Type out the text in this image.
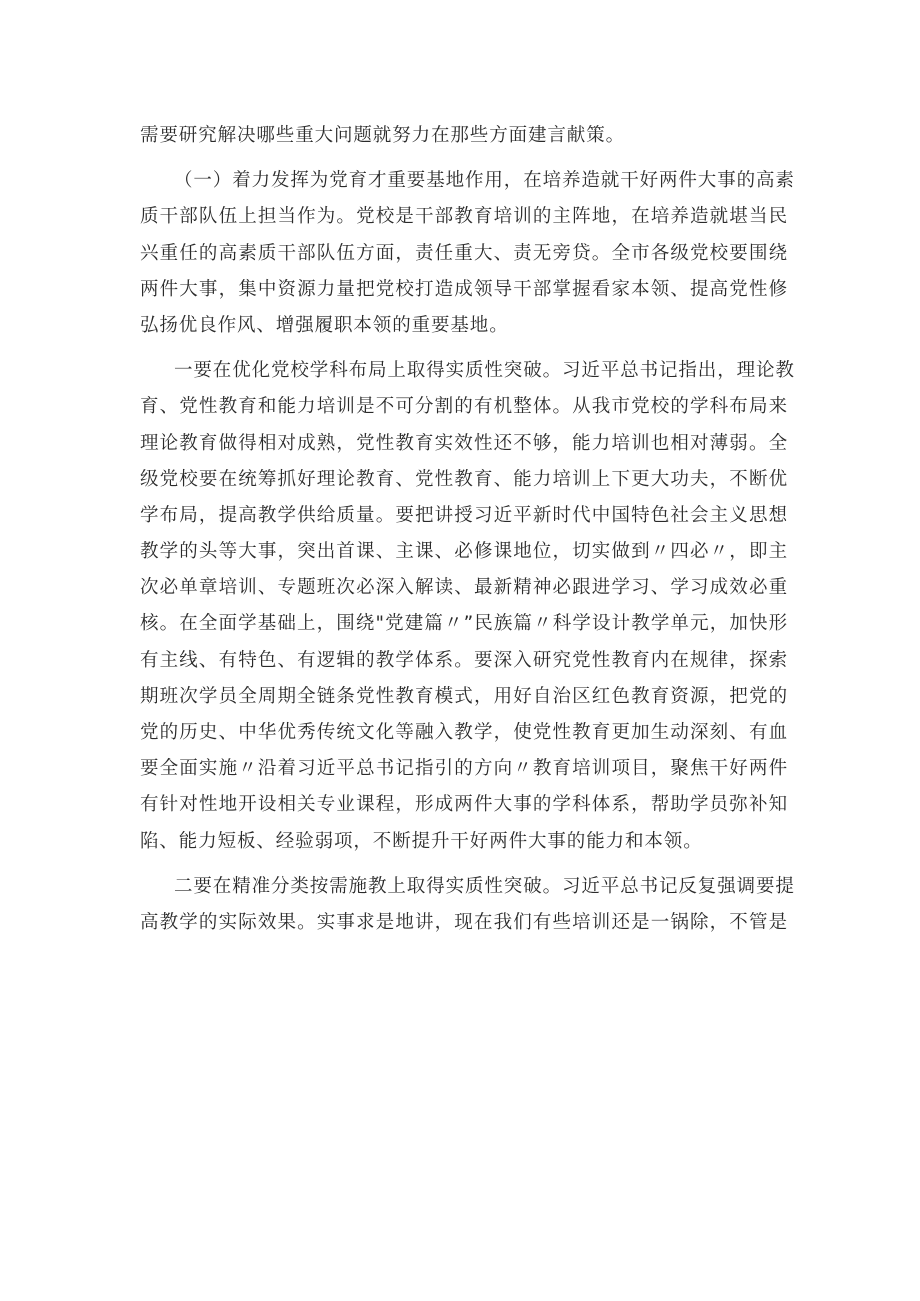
需要研究解决哪些重大问题就努力在那些方面建言献策。
（一）着力发挥为党育才重要基地作用，在培养造就干好两件大事的高素
质干部队伍上担当作为。党校是干部教育培训的主阵地，在培养造就堪当民
兴重任的高素质干部队伍方面，责任重大、责无旁贷。全市各级党校要围绕
两件大事，集中资源力量把党校打造成领导干部掌握看家本领、提高党性修
弘扬优良作风、增强履职本领的重要基地。
一要在优化党校学科布局上取得实质性突破。习近平总书记指出，理论教
育、党性教育和能力培训是不可分割的有机整体。从我市党校的学科布局来
理论教育做得相对成熟，党性教育实效性还不够，能力培训也相对薄弱。全
级党校要在统筹抓好理论教育、党性教育、能力培训上下更大功夫，不断优
学布局，提高教学供给质量。要把讲授习近平新时代中国特色社会主义思想
教学的头等大事，突出首课、主课、必修课地位，切实做到〃四必〃，即主
次必单章培训、专题班次必深入解读、最新精神必跟进学习、学习成效必重
核。在全面学基础上，围绕"党建篇〃”民族篇〃科学设计教学单元，加快形
有主线、有特色、有逻辑的教学体系。要深入研究党性教育内在规律，探索
期班次学员全周期全链条党性教育模式，用好自治区红色教育资源，把党的
党的历史、中华优秀传统文化等融入教学，使党性教育更加生动深刻、有血
要全面实施〃沿着习近平总书记指引的方向〃教育培训项目，聚焦干好两件
有针对性地开设相关专业课程，形成两件大事的学科体系，帮助学员弥补知
陷、能力短板、经验弱项，不断提升干好两件大事的能力和本领。
二要在精准分类按需施教上取得实质性突破。习近平总书记反复强调要提
高教学的实际效果。实事求是地讲，现在我们有些培训还是一锅除，不管是
